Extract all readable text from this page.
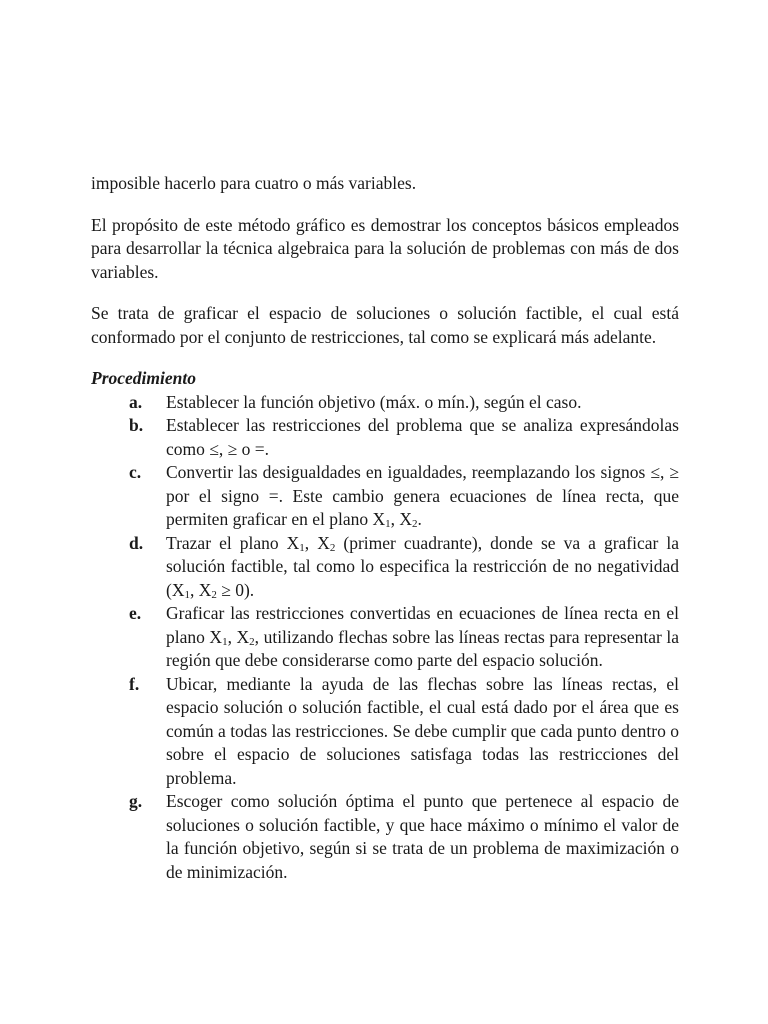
imposible hacerlo para cuatro o más variables.

El propósito de este método gráfico es demostrar los conceptos básicos empleados para desarrollar la técnica algebraica para la solución de problemas con más de dos variables.

Se trata de graficar el espacio de soluciones o solución factible, el cual está conformado por el conjunto de restricciones, tal como se explicará más adelante.

Procedimiento
a.	Establecer la función objetivo (máx. o mín.), según el caso.
b.	Establecer las restricciones del problema que se analiza expresándolas como ≤, ≥ o =.
c.	Convertir las desigualdades en igualdades, reemplazando los signos ≤, ≥ por el signo =. Este cambio genera ecuaciones de línea recta, que permiten graficar en el plano $X_1$, $X_2$.
d.	Trazar el plano $X_1$, $X_2$ (primer cuadrante), donde se va a graficar la solución factible, tal como lo especifica la restricción de no negatividad ($X_1$, $X_2 \ge 0$).
e.	Graficar las restricciones convertidas en ecuaciones de línea recta en el plano $X_1$, $X_2$, utilizando flechas sobre las líneas rectas para representar la región que debe considerarse como parte del espacio solución.
f.	Ubicar, mediante la ayuda de las flechas sobre las líneas rectas, el espacio solución o solución factible, el cual está dado por el área que es común a todas las restricciones. Se debe cumplir que cada punto dentro o sobre el espacio de soluciones satisfaga todas las restricciones del problema.
g.	Escoger como solución óptima el punto que pertenece al espacio de soluciones o solución factible, y que hace máximo o mínimo el valor de la función objetivo, según si se trata de un problema de maximización o de minimización.
